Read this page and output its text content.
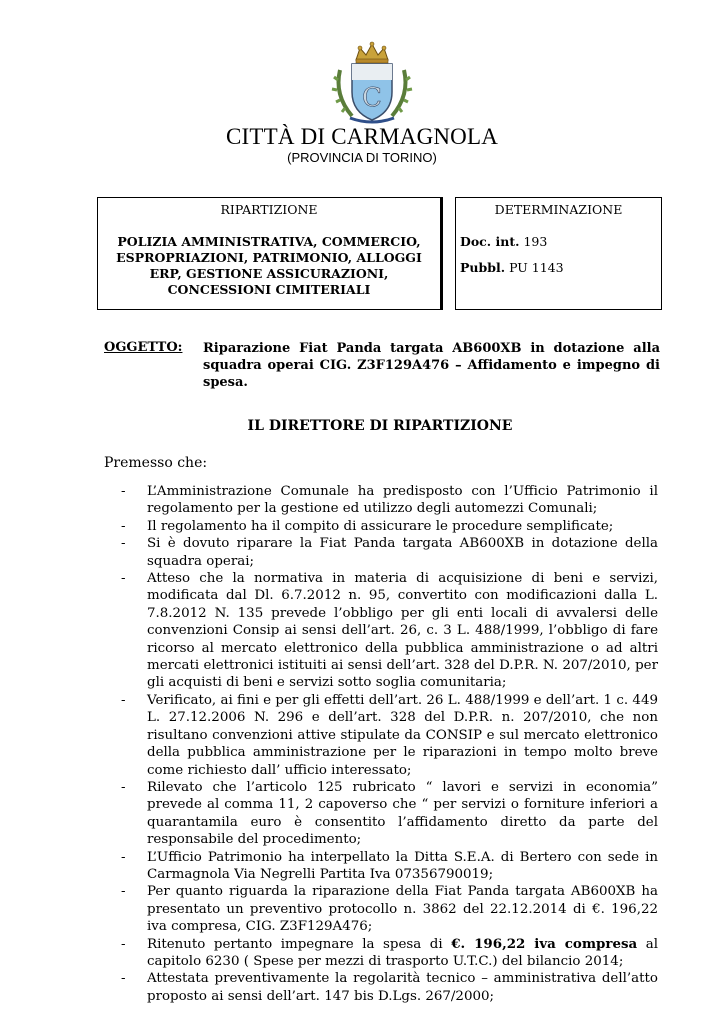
C
CITTÀ DI CARMAGNOLA
(PROVINCIA DI TORINO)
RIPARTIZIONE
POLIZIA AMMINISTRATIVA, COMMERCIO, ESPROPRIAZIONI, PATRIMONIO, ALLOGGI ERP, GESTIONE ASSICURAZIONI, CONCESSIONI CIMITERIALI
DETERMINAZIONE
Doc. int. 193
Pubbl. PU 1143
OGGETTO: Riparazione Fiat Panda targata AB600XB in dotazione alla squadra operai CIG. Z3F129A476 – Affidamento e impegno di spesa.
IL DIRETTORE DI RIPARTIZIONE
Premesso che:
- L’Amministrazione Comunale ha predisposto con l’Ufficio Patrimonio il regolamento per la gestione ed utilizzo degli automezzi Comunali;
- Il regolamento ha il compito di assicurare le procedure semplificate;
- Si è dovuto riparare la Fiat Panda targata AB600XB in dotazione della squadra operai;
- Atteso che la normativa in materia di acquisizione di beni e servizi, modificata dal Dl. 6.7.2012 n. 95, convertito con modificazioni dalla L. 7.8.2012 N. 135 prevede l’obbligo per gli enti locali di avvalersi delle convenzioni Consip ai sensi dell’art. 26, c. 3 L. 488/1999, l’obbligo di fare ricorso al mercato elettronico della pubblica amministrazione o ad altri mercati elettronici istituiti ai sensi dell’art. 328 del D.P.R. N. 207/2010, per gli acquisti di beni e servizi sotto soglia comunitaria;
- Verificato, ai fini e per gli effetti dell’art. 26 L. 488/1999 e dell’art. 1 c. 449 L. 27.12.2006 N. 296 e dell’art. 328 del D.P.R. n. 207/2010, che non risultano convenzioni attive stipulate da CONSIP e sul mercato elettronico della pubblica amministrazione per le riparazioni in tempo molto breve come richiesto dall’ ufficio interessato;
- Rilevato che l’articolo 125 rubricato “ lavori e servizi in economia” prevede al comma 11, 2 capoverso che “ per servizi o forniture inferiori a quarantamila euro è consentito l’affidamento diretto da parte del responsabile del procedimento;
- L’Ufficio Patrimonio ha interpellato la Ditta S.E.A. di Bertero con sede in Carmagnola Via Negrelli Partita Iva 07356790019;
- Per quanto riguarda la riparazione della Fiat Panda targata AB600XB ha presentato un preventivo protocollo n. 3862 del 22.12.2014 di €. 196,22 iva compresa, CIG. Z3F129A476;
- Ritenuto pertanto impegnare la spesa di €. 196,22 iva compresa al capitolo 6230 ( Spese per mezzi di trasporto U.T.C.) del bilancio 2014;
- Attestata preventivamente la regolarità tecnico – amministrativa dell’atto proposto ai sensi dell’art. 147 bis D.Lgs. 267/2000;
